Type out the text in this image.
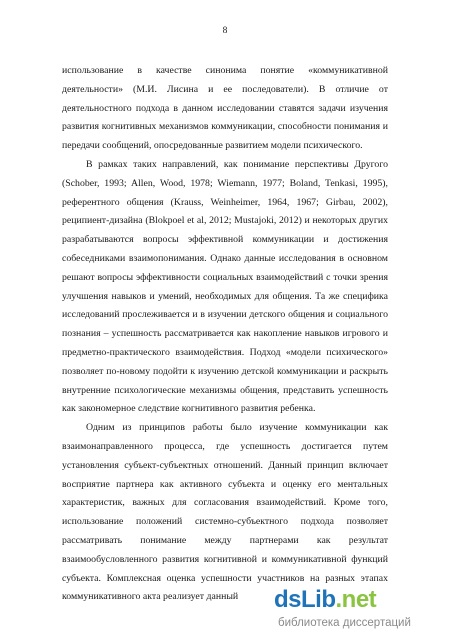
8
использование в качестве синонима понятие «коммуникативной
деятельности» (М.И. Лисина и ее последователи). В отличие от
деятельностного подхода в данном исследовании ставятся задачи изучения
развития когнитивных механизмов коммуникации, способности понимания и
передачи сообщений, опосредованные развитием модели психического.
В рамках таких направлений, как понимание перспективы Другого
(Schober, 1993; Allen, Wood, 1978; Wiemann, 1977; Boland, Tenkasi, 1995),
референтного общения (Krauss, Weinheimer, 1964, 1967; Girbau, 2002),
реципиент-дизайна (Blokpoel et al, 2012; Mustajoki, 2012) и некоторых других
разрабатываются вопросы эффективной коммуникации и достижения
собеседниками взаимопонимания. Однако данные исследования в основном
решают вопросы эффективности социальных взаимодействий с точки зрения
улучшения навыков и умений, необходимых для общения. Та же специфика
исследований прослеживается и в изучении детского общения и социального
познания – успешность рассматривается как накопление навыков игрового и
предметно-практического взаимодействия. Подход «модели психического»
позволяет по-новому подойти к изучению детской коммуникации и раскрыть
внутренние психологические механизмы общения, представить успешность
как закономерное следствие когнитивного развития ребенка.
Одним из принципов работы было изучение коммуникации как
взаимонаправленного процесса, где успешность достигается путем
установления субъект-субъектных отношений. Данный принцип включает
восприятие партнера как активного субъекта и оценку его ментальных
характеристик, важных для согласования взаимодействий. Кроме того,
использование положений системно-субъектного подхода позволяет
рассматривать понимание между партнерами как результат
взаимообусловленного развития когнитивной и коммуникативной функций
субъекта. Комплексная оценка успешности участников на разных этапах
коммуникативного акта реализует данный	dsLib.net
библиотека диссертаций
